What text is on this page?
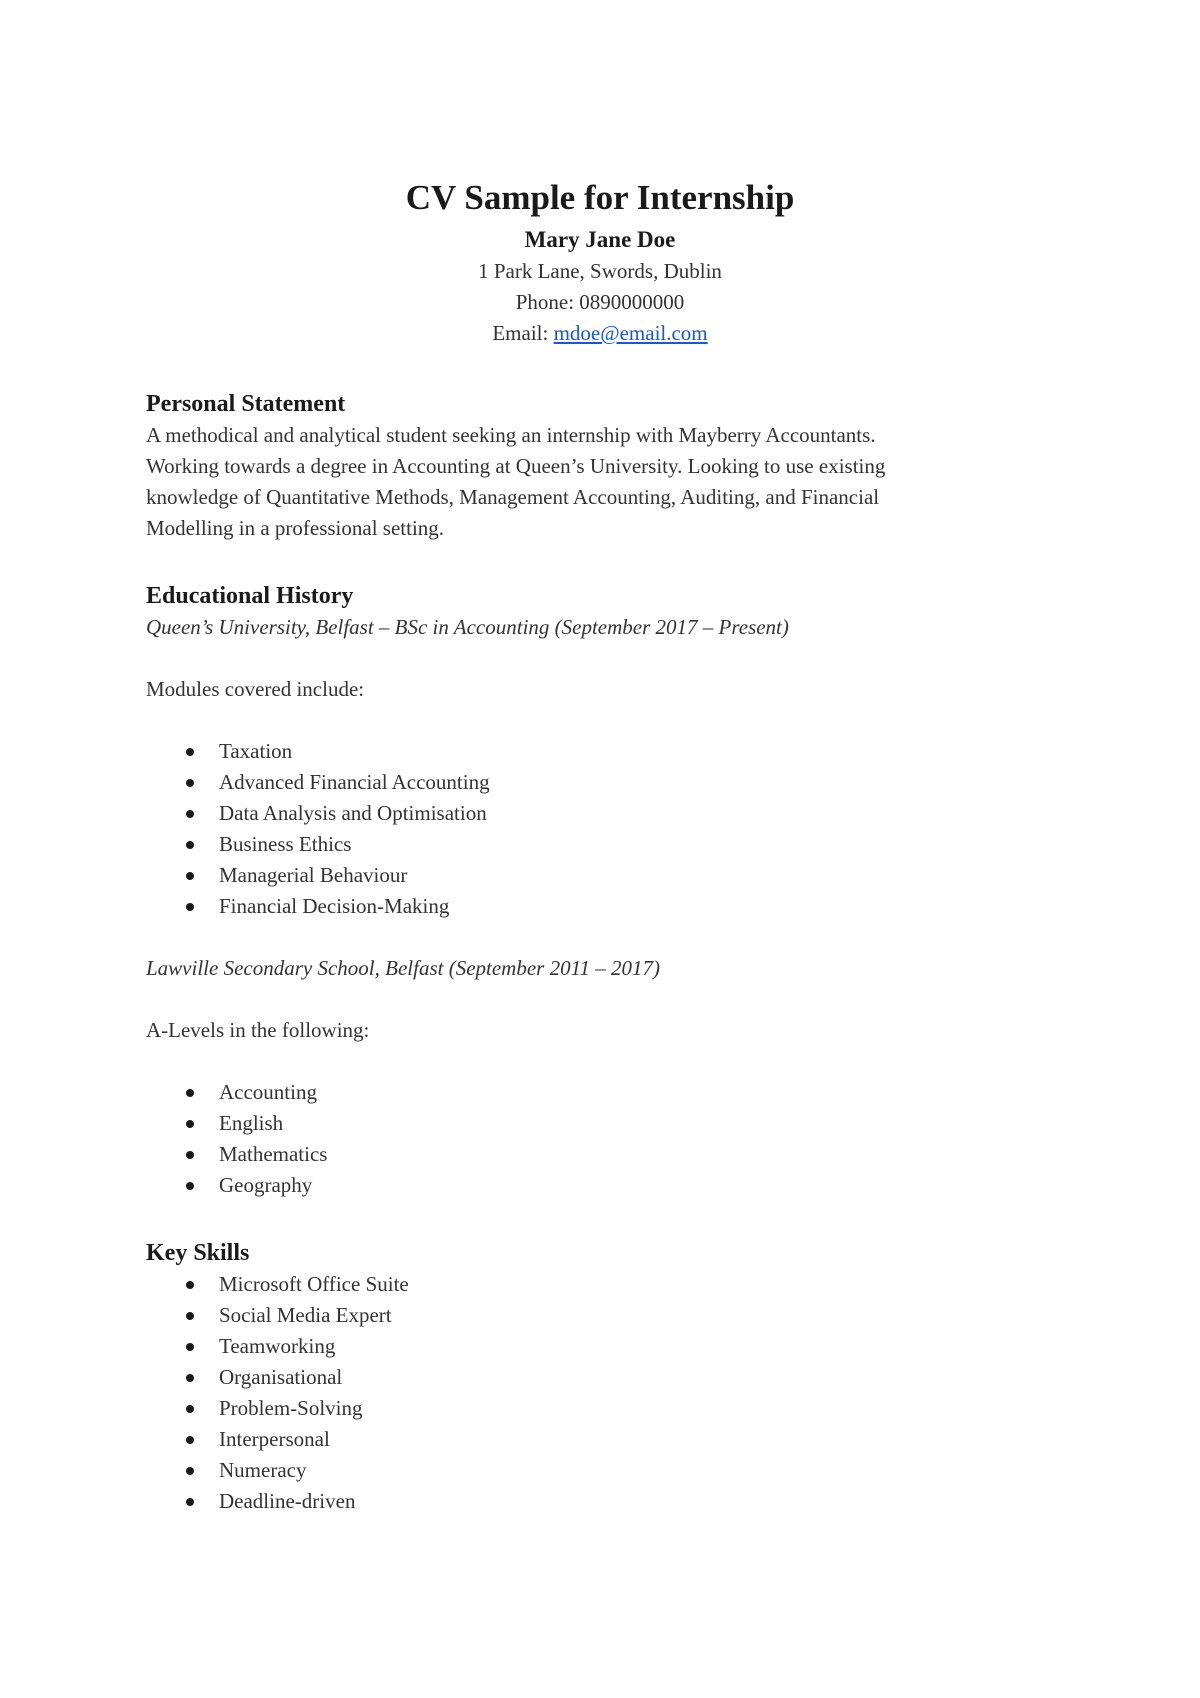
CV Sample for Internship
Mary Jane Doe
1 Park Lane, Swords, Dublin
Phone: 0890000000
Email: mdoe@email.com
Personal Statement

A methodical and analytical student seeking an internship with Mayberry Accountants.

Working towards a degree in Accounting at Queen’s University. Looking to use existing

knowledge of Quantitative Methods, Management Accounting, Auditing, and Financial

Modelling in a professional setting.

Educational History

Queen’s University, Belfast – BSc in Accounting (September 2017 – Present)

Modules covered include:

Taxation
Advanced Financial Accounting
Data Analysis and Optimisation
Business Ethics
Managerial Behaviour
Financial Decision-Making

Lawville Secondary School, Belfast (September 2011 – 2017)

A-Levels in the following:

Accounting
English
Mathematics
Geography
Key Skills
Microsoft Office Suite
Social Media Expert
Teamworking
Organisational
Problem-Solving
Interpersonal
Numeracy
Deadline-driven
